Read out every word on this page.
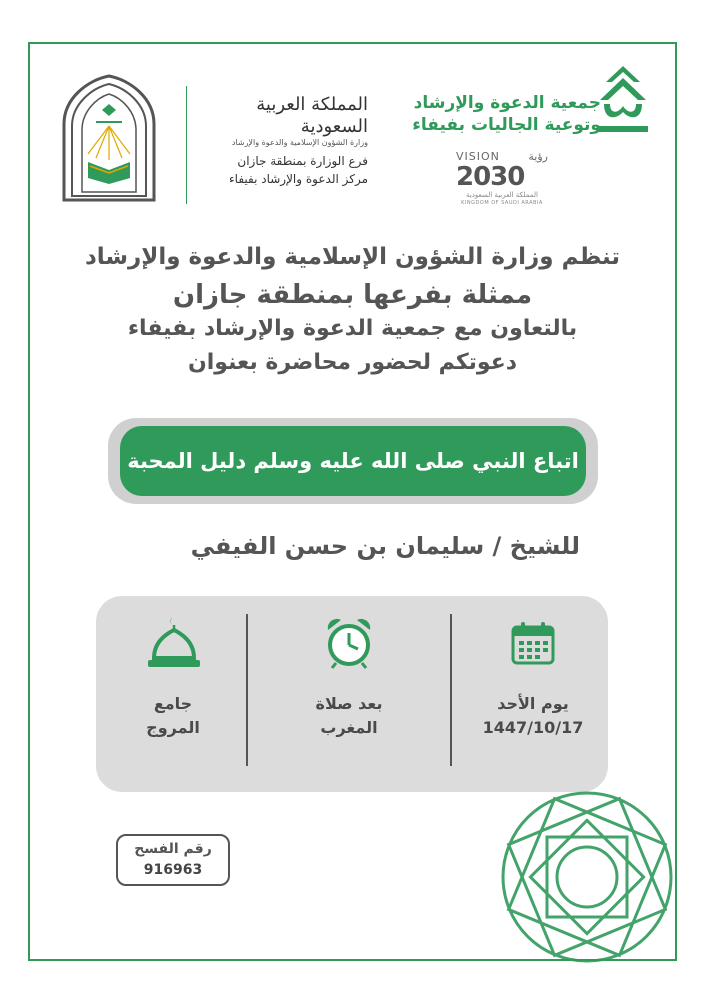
جمعية الدعوة والإرشاد
وتوعية الجاليات بفيفاء
VISION	رؤية
2030
المملكة العربية السعودية
KINGDOM OF SAUDI ARABIA
المملكة العربية السعودية
وزارة الشؤون الإسلامية والدعوة والإرشاد
فرع الوزارة بمنطقة جازان
مركز الدعوة والإرشاد بفيفاء
تنظم وزارة الشؤون الإسلامية والدعوة والإرشاد
ممثلة بفرعها بمنطقة جازان
بالتعاون مع جمعية الدعوة والإرشاد بفيفاء
دعوتكم لحضور محاضرة بعنوان
اتباع النبي صلى الله عليه وسلم دليل المحبة
للشيخ / سليمان بن حسن الفيفي
يوم الأحد
1447/10/17
بعد صلاة
المغرب
جامع
المروج
رقم الفسح
916963
